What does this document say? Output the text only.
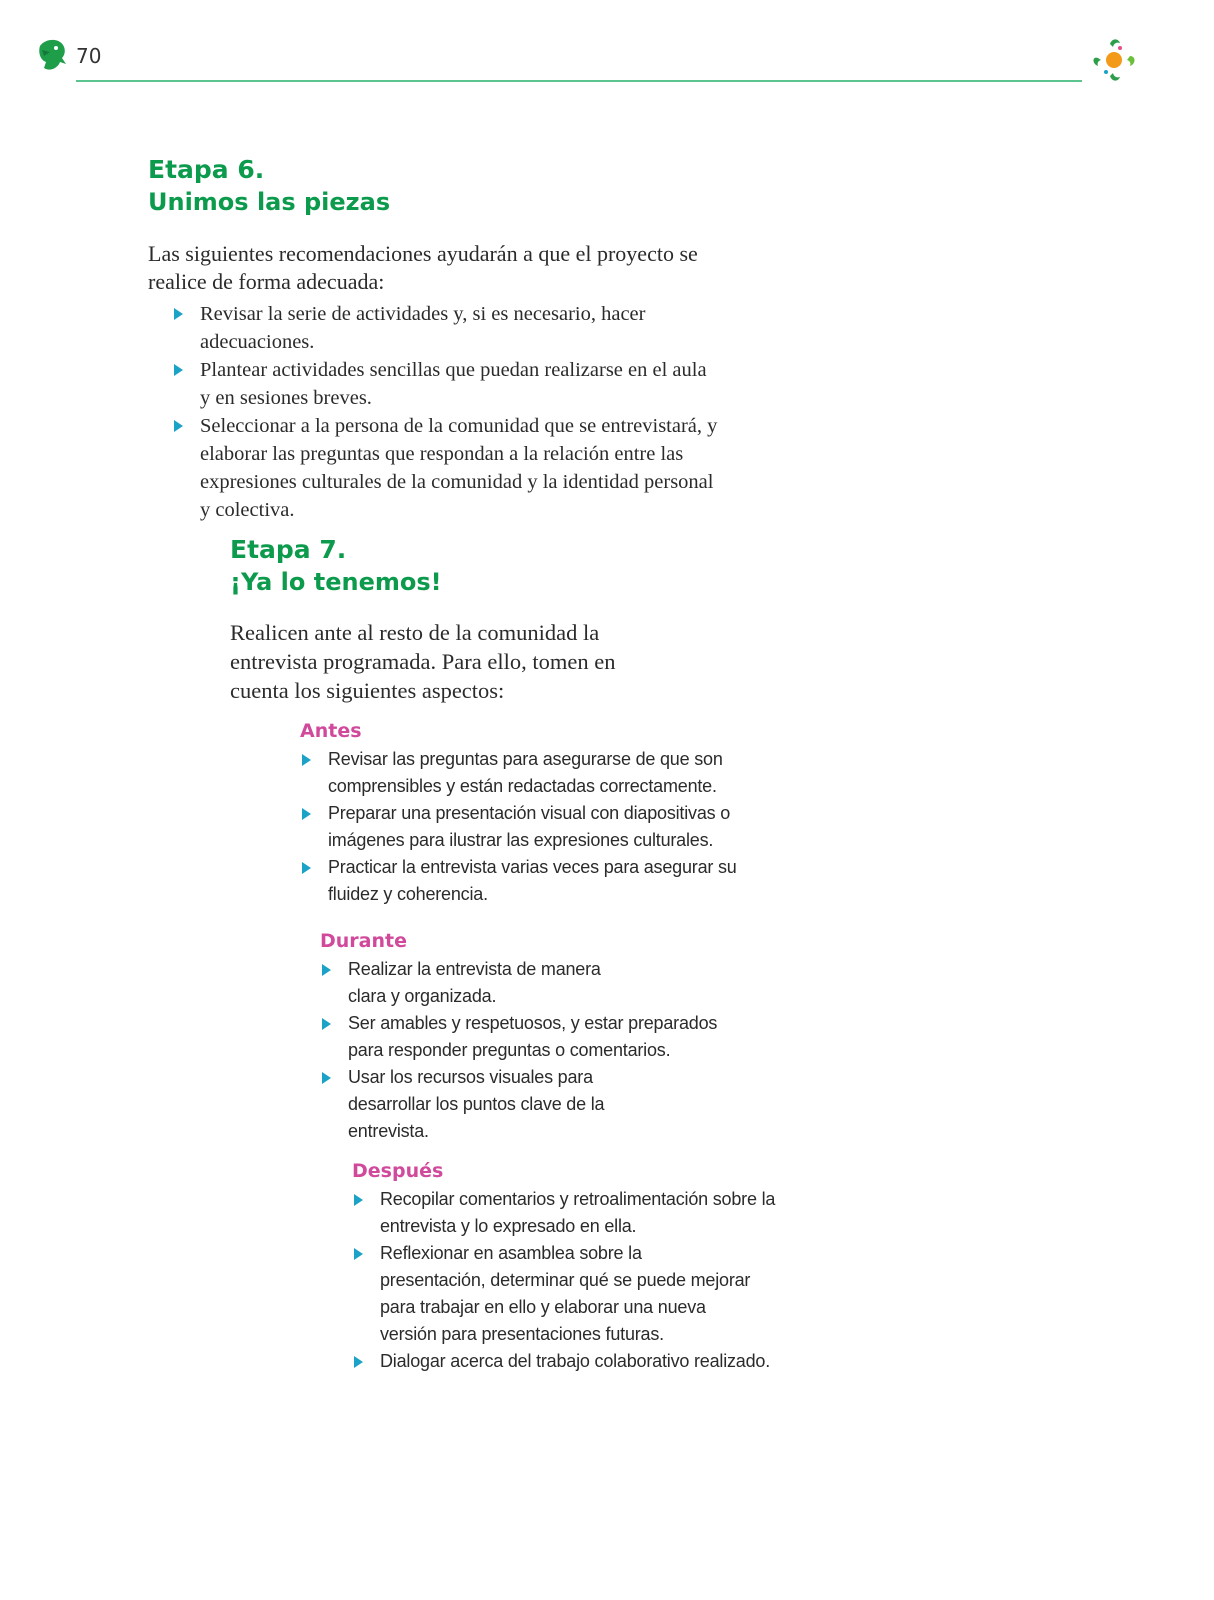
70
Etapa 6.
Unimos las piezas

Las siguientes recomendaciones ayudarán a que el proyecto se realice de forma adecuada:

Revisar la serie de actividades y, si es necesario, hacer adecuaciones.
Plantear actividades sencillas que puedan realizarse en el aula y en sesiones breves.
Seleccionar a la persona de la comunidad que se entrevistará, y elaborar las preguntas que respondan a la relación entre las expresiones culturales de la comunidad y la identidad personal y colectiva.
Etapa 7.
¡Ya lo tenemos!

Realicen ante al resto de la comunidad la entrevista programada. Para ello, tomen en cuenta los siguientes aspectos:

Antes
Revisar las preguntas para asegurarse de que son comprensibles y están redactadas correctamente.
Preparar una presentación visual con diapositivas o imágenes para ilustrar las expresiones culturales.
Practicar la entrevista varias veces para asegurar su fluidez y coherencia.
Durante
Realizar la entrevista de manera clara y organizada.
Ser amables y respetuosos, y estar preparados para responder preguntas o comentarios.
Usar los recursos visuales para desarrollar los puntos clave de la entrevista.
Después
Recopilar comentarios y retroalimentación sobre la entrevista y lo expresado en ella.
Reflexionar en asamblea sobre la presentación, determinar qué se puede mejorar para trabajar en ello y elaborar una nueva versión para presentaciones futuras.
Dialogar acerca del trabajo colaborativo realizado.
